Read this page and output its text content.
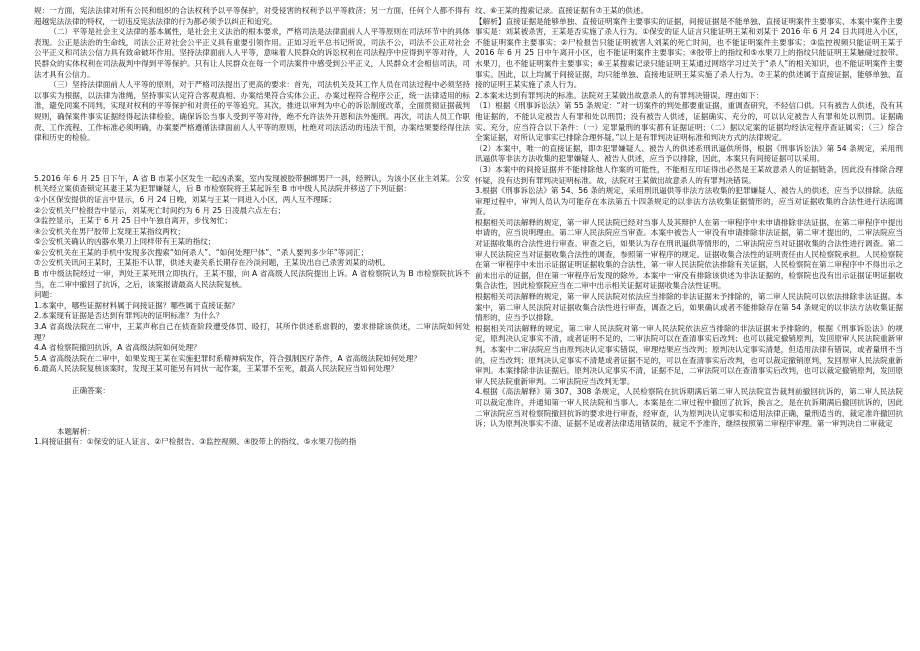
规：一方面，宪法法律对所有公民和组织的合法权利予以平等保护，对受侵害的权利予以平等救济；另一方面，任何个人都不得有超越宪法法律的特权，一切违反宪法法律的行为都必须予以纠正和追究。

（二）平等是社会主义法律的基本属性，是社会主义法治的根本要求，严格司法是法律面前人人平等原则在司法环节中的具体表现。公正是法治的生命线，司法公正对社会公平正义具有重要引领作用。正如习近平总书记所说，司法不公，司法不公正对社会公平正义和司法公信力具有致命破坏作用。坚持法律面前人人平等，意味着人民群众的诉讼权利在司法程序中应得到平等对待，人民群众的实体权利在司法裁判中得到平等保护。只有让人民群众在每一个司法案件中感受到公平正义，人民群众才会相信司法，司法才具有公信力。

（三）坚持法律面前人人平等的原则，对于严格司法提出了更高的要求：首先，司法机关及其工作人员在司法过程中必须坚持以事实为根据，以法律为准绳，坚持事实认定符合客观真相、办案结果符合实体公正、办案过程符合程序公正，统一法律适用的标准，避免同案不同判，实现对权利的平等保护和对责任的平等追究。其次，推进以审判为中心的诉讼制度改革，全面贯彻证据裁判规则，确保案件事实证据经得起法律检验，确保诉讼当事人受到平等对待，绝不允许法外开恩和法外施刑。再次，司法人员工作职责、工作流程、工作标准必须明确，办案要严格遵循法律面前人人平等的原则，杜绝对司法活动的违法干预，办案结果要经得住法律和历史的检验。

5.2016 年 6 月 25 日下午，A 省 B 市某小区发生一起凶杀案，室内发现被胶带捆绑男尸一具，经辨认，为该小区业主刘某。公安机关经立案侦查锁定其妻王某为犯罪嫌疑人，后 B 市检察院将王某起诉至 B 市中级人民法院并移送了下列证据：

①小区保安提供的证言中显示，6 月 24 日晚，刘某与王某一同进入小区，两人互不理睬；

②公安机关尸检报告中显示，刘某死亡时间约为 6 月 25 日凌晨六点左右；

③监控显示，王某于 6 月 25 日中午独自离开，步伐匆忙；

④公安机关在男尸胶带上发现王某指纹两枚；

⑤公安机关确认的凶器水果刀上同样带有王某的指纹；

⑥公安机关在王某的手机中发现多次搜索“如何杀人”、“如何处理尸体”、“杀人要判多少年”等词汇；

⑦公安机关讯问王某时，王某拒不认罪，供述夫妻关系长期存在冷淡问题，王某说出自己杀害刘某的动机。

B 市中级法院经过一审，判处王某死刑立即执行，王某不服，向 A 省高级人民法院提出上诉。A 省检察院认为 B 市检察院抗诉不当，在二审中撤回了抗诉，之后，该案报请最高人民法院复核。

问题：

1.本案中，哪些证据材料属于间接证据？哪些属于直接证据？

2.本案现有证据是否达到有罪判决的证明标准？为什么？

3.A 省高级法院在二审中，王某声称自己在侦查阶段遭受体罚、殴打，其所作供述系虐假的，要求排除该供述，二审法院如何处理？

4.A 省检察院撤回抗诉，A 省高级法院如何处理？

5.A 省高级法院在二审中，如果发现王某在实施犯罪时系精神病发作，符合强制医疗条件，A 省高级法院如何处理？

6.最高人民法院复核该案时，发现王某可能另有同伙一起作案，王某罪不至死，最高人民法院应当如何处理？

正确答案：

本题解析：

1.间接证据有：①保安的证人证言、②尸检报告、③监控视频、④胶带上的指纹、⑤水果刀伤的指

纹、⑥王某的搜索记录。直接证据有⑦王某的供述。

【解析】直接证据是能够单独、直接证明案件主要事实的证据，间接证据是不能单独、直接证明案件主要事实、本案中案件主要事实是：刘某被杀害，王某是否实施了杀人行为。①保安的证人证言只能证明王某和刘某于 2016 年 6 月 24 日共同进入小区，不能证明案件主要事实；②尸检报告只能证明被害人刘某的死亡时间，也不能证明案件主要事实；③监控视频只能证明王某于 2016 年 6 月 25 日中午离开小区，也不能证明案件主要事实；④胶带上的指纹和⑤水果刀上的指纹只能证明王某触碰过胶带、水果刀，也不能证明案件主要事实；⑥王某搜索记录只能证明王某通过网络学习过关于“杀人”的相关知识，也不能证明案件主要事实。因此，以上均属于间接证据，均只能单独、直接地证明王某实施了杀人行为。⑦王某的供述属于直接证据，能够单独、直接的证明王某实施了杀人行为。

2.本案未达到有罪判决的标准。法院对王某做出故意杀人的有罪判决错误。理由如下：

（1）根据《刑事诉讼法》第 55 条规定：“对一切案件的判处都要重证据，重调查研究，不轻信口供。只有被告人供述，没有其他证据的，不能认定被告人有罪和处以刑罚；没有被告人供述，证据确实、充分的，可以认定被告人有罪和处以刑罚。证据确实、充分，应当符合以下条件：（一）定罪量刑的事实都有证据证明；（二）据以定案的证据均经法定程序查证属实；（三）综合全案证据，对所认定事实已排除合理怀疑。”以上是有罪判决证明标准和判决方式的法律规定。

（2）本案中，唯一的直接证据，即⑦犯罪嫌疑人、被告人的供述系刑讯逼供所得，根据《刑事诉讼法》第 54 条规定，采用刑讯逼供等非法方法收集的犯罪嫌疑人、被告人供述，应当予以排除，因此，本案只有间接证据可以采用。

（3）本案中的间接证据并不能排除他人作案的可能性，不能相互印证得出必然是王某故意杀人的证据链条，因此没有排除合理怀疑，没有达到有罪判决证明标准。故，法院对王某做出故意杀人的有罪判决错误。

3.根据《刑事诉讼法》第 54、56 条的规定，采用刑讯逼供等非法方法收集的犯罪嫌疑人、被告人的供述，应当予以排除。法庭审理过程中，审判人员认为可能存在本法第五十四条规定的以非法方法收集证据情形的，应当对证据收集的合法性进行法庭调查。

根据相关司法解释的规定，第一审人民法院已经对当事人及其辩护人在第一审程序中未申请排除非法证据，在第二审程序中提出申请的，应当说明理由。第二审人民法院应当审查。本案中被告人一审没有申请排除非法证据，第二审才提出的，二审法院应当对证据收集的合法性进行审查。审查之后，如果认为存在刑讯逼供等情形的，二审法院应当对证据收集的合法性进行调查。第二审人民法院应当对证据收集合法性的调查，参照第一审程序的规定。证据收集合法性的证明责任由人民检察院承担。人民检察院在第一审程序中未出示证据证明证据收集的合法性，第一审人民法院依法排除有关证据，人民检察院在第二审程序中不得出示之前未出示的证据，但在第一审程序后发现的除外。本案中一审没有排除该供述为非法证据的，检察院也没有出示证据证明证据收集合法性，因此检察院应当在二审中出示相关证据对证据收集合法性证明。

根据相关司法解释的规定，第一审人民法院对依法应当排除的非法证据未予排除的，第二审人民法院可以依法排除非法证据。本案中，第二审人民法院对证据收集合法性进行审查，调查之后，如果确认或者不能排除存在第 54 条规定的以非法方法收集证据情形的，应当予以排除。

根据相关司法解释的规定，第二审人民法院对第一审人民法院依法应当排除的非法证据未予排除的，根据《刑事诉讼法》的规定，原判决认定事实不清，或者证明不足的，二审法院可以在查清事实后改判；也可以裁定撤销原判，发回原审人民法院重新审判。本案中二审法院应当由原判决认定事实错误，审理结果应当改判；原判决认定事实清楚，但适用法律有错误，或者量刑不当的，应当改判；原判决认定事实不清楚或者证据不足的，可以在查清事实后改判，也可以裁定撤销原判，发回原审人民法院重新审判。本案排除非法证据后，原判决认定事实不清，证据不足，二审法院可以在查清事实后改判，也可以裁定撤销原判，发回原审人民法院重新审判。二审法院应当改判无罪。

4.根据《高法解释》第 307、308 条规定，人民检察院在抗诉期满后第二审人民法院宣告裁判前撤回抗诉的，第二审人民法院可以裁定准许，并通知第一审人民法院和当事人。本案是在二审过程中撤回了抗诉，换言之，是在抗诉期满后撤回抗诉的，因此二审法院应当对检察院撤回抗诉的要求进行审查，经审查，认为原判决认定事实和适用法律正确，量刑适当的，裁定准许撤回抗诉；认为原判决事实不清、证据不足或者法律适用错误的，裁定不予准许，继续按照第二审程序审理。第一审判决自二审裁定
